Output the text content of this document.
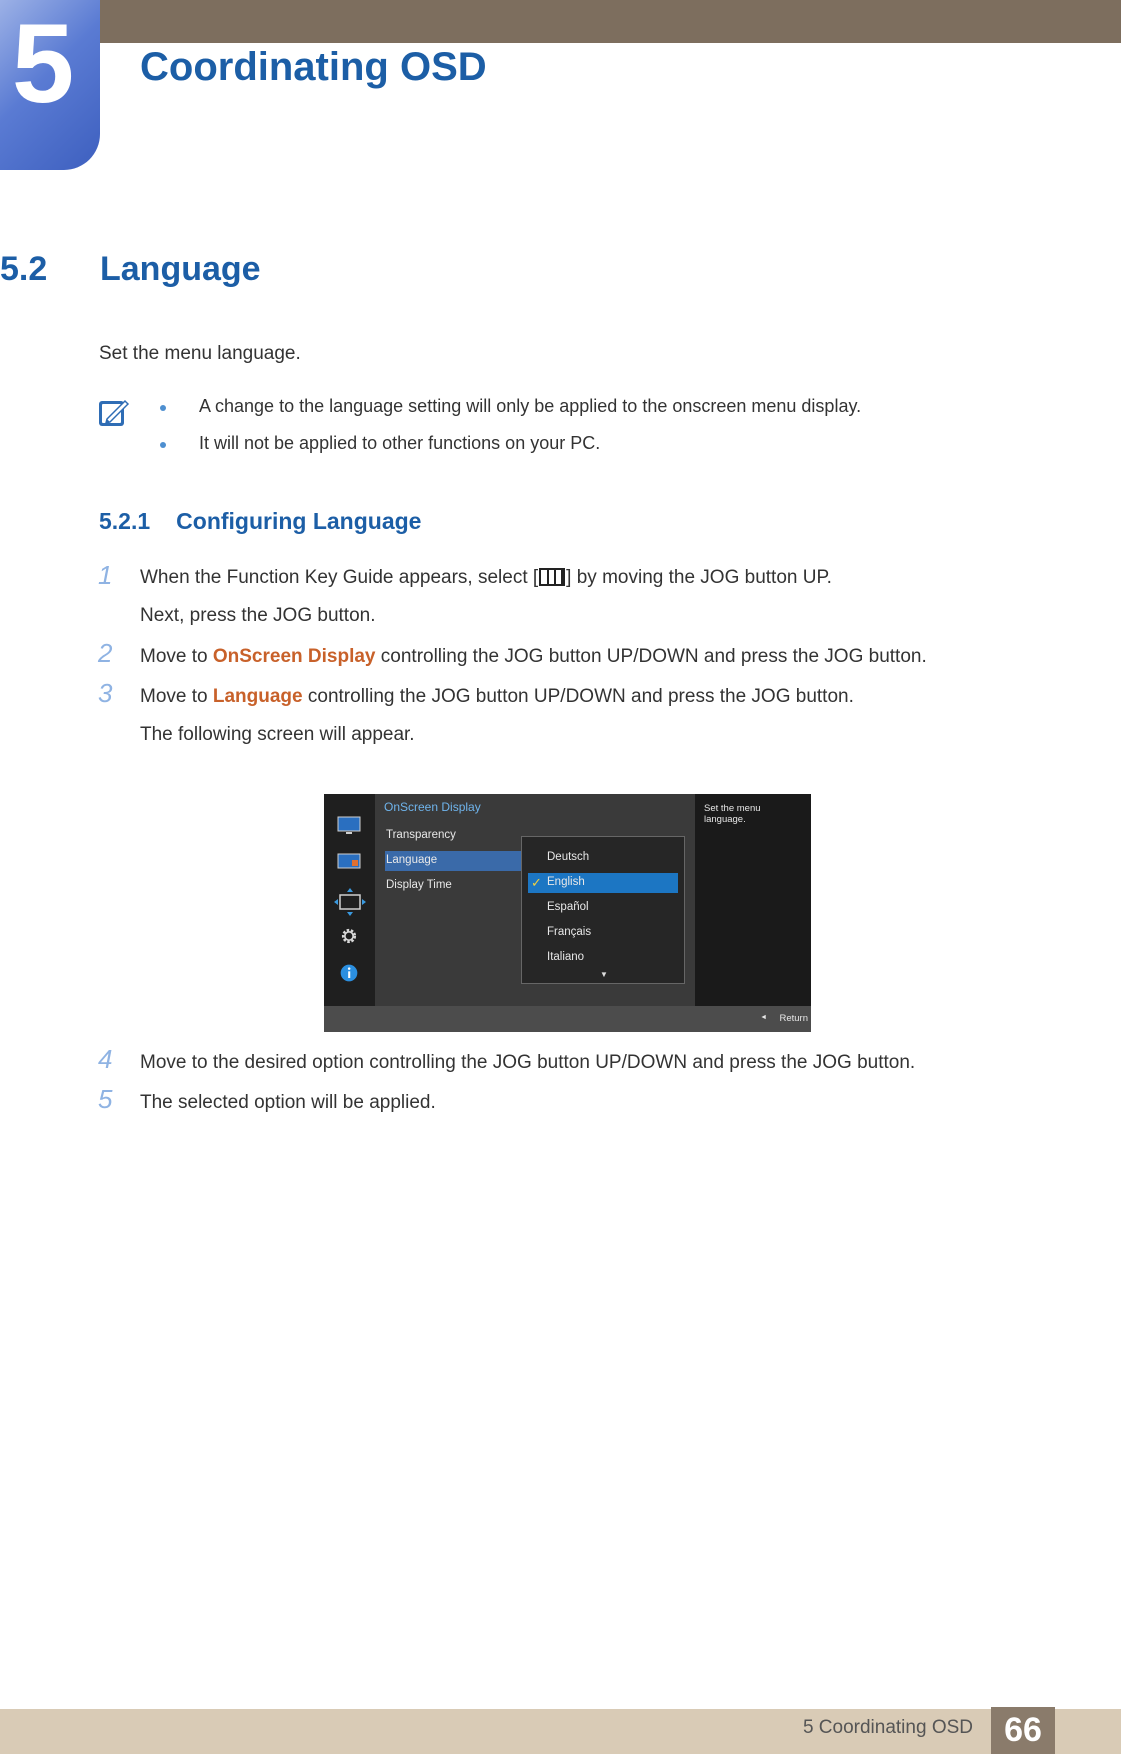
5 Coordinating OSD
5.2 Language
Set the menu language.
A change to the language setting will only be applied to the onscreen menu display.
It will not be applied to other functions on your PC.
5.2.1 Configuring Language
1 When the Function Key Guide appears, select [ ] by moving the JOG button UP.
Next, press the JOG button.
2 Move to OnScreen Display controlling the JOG button UP/DOWN and press the JOG button.
3 Move to Language controlling the JOG button UP/DOWN and press the JOG button.
The following screen will appear.
OnScreen Display
Transparency
Language
Display Time	✓
Deutsch
English
Español
Français
Italiano
▼
Set the menu language.
◄ Return
4 Move to the desired option controlling the JOG button UP/DOWN and press the JOG button.
5 The selected option will be applied.
5 Coordinating OSD 66
